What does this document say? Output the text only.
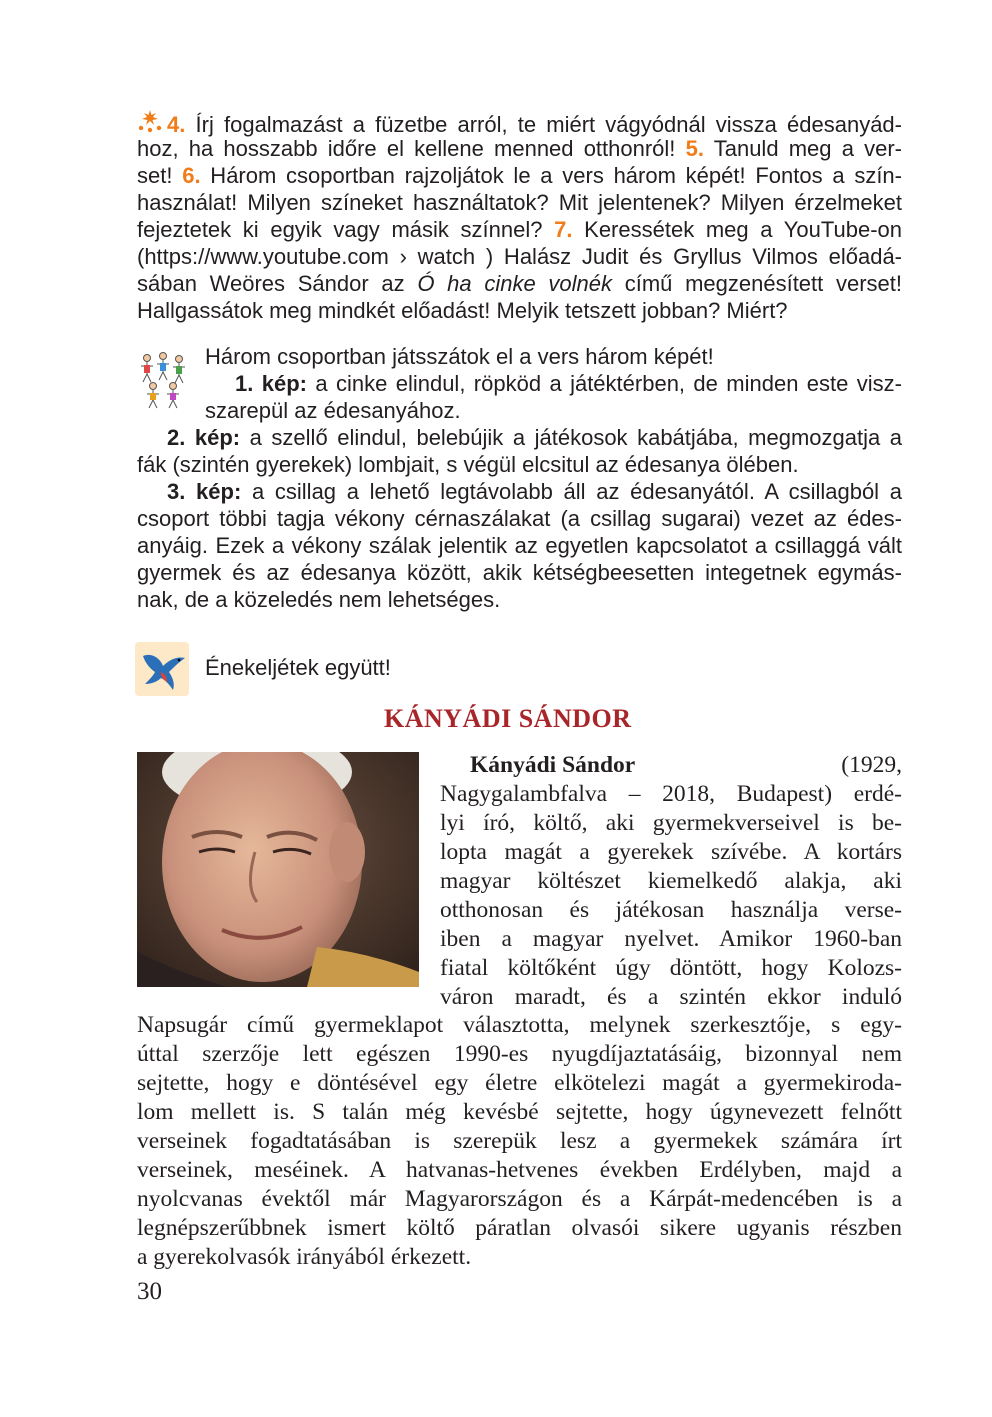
4. Írj fogalmazást a füzetbe arról, te miért vágyódnál vissza édesanyád-
hoz, ha hosszabb időre el kellene menned otthonról! 5. Tanuld meg a ver-
set! 6. Három csoportban rajzoljátok le a vers három képét! Fontos a szín-
használat! Milyen színeket használtatok? Mit jelentenek? Milyen érzelmeket
fejeztetek ki egyik vagy másik színnel? 7. Keressétek meg a YouTube-on
(https://www.youtube.com › watch ) Halász Judit és Gryllus Vilmos előadá-
sában Weöres Sándor az Ó ha cinke volnék című megzenésített verset!
Hallgassátok meg mindkét előadást! Melyik tetszett jobban? Miért?
Három csoportban játsszátok el a vers három képét!
1. kép: a cinke elindul, röpköd a játéktérben, de minden este visz-
szarepül az édesanyához.
2. kép: a szellő elindul, belebújik a játékosok kabátjába, megmozgatja a
fák (szintén gyerekek) lombjait, s végül elcsitul az édesanya ölében.
3. kép: a csillag a lehető legtávolabb áll az édesanyától. A csillagból a
csoport többi tagja vékony cérnaszálakat (a csillag sugarai) vezet az édes-
anyáig. Ezek a vékony szálak jelentik az egyetlen kapcsolatot a csillaggá vált
gyermek és az édesanya között, akik kétségbeesetten integetnek egymás-
nak, de a közeledés nem lehetséges.
Énekeljétek együtt!
KÁNYÁDI SÁNDOR
Kányádi Sándor	(1929,
Nagygalambfalva – 2018, Budapest) erdé-
lyi író, költő, aki gyermekverseivel is be-
lopta magát a gyerekek szívébe. A kortárs
magyar költészet kiemelkedő alakja, aki
otthonosan és játékosan használja verse-
iben a magyar nyelvet. Amikor 1960-ban
fiatal költőként úgy döntött, hogy Kolozs-
váron maradt, és a szintén ekkor induló
Napsugár című gyermeklapot választotta, melynek szerkesztője, s egy-
úttal szerzője lett egészen 1990-es nyugdíjaztatásáig, bizonnyal nem
sejtette, hogy e döntésével egy életre elkötelezi magát a gyermekiroda-
lom mellett is. S talán még kevésbé sejtette, hogy úgynevezett felnőtt
verseinek fogadtatásában is szerepük lesz a gyermekek számára írt
verseinek, meséinek. A hatvanas-hetvenes években Erdélyben, majd a
nyolcvanas évektől már Magyarországon és a Kárpát-medencében is a
legnépszerűbbnek ismert költő páratlan olvasói sikere ugyanis részben
a gyerekolvasók irányából érkezett.
30
